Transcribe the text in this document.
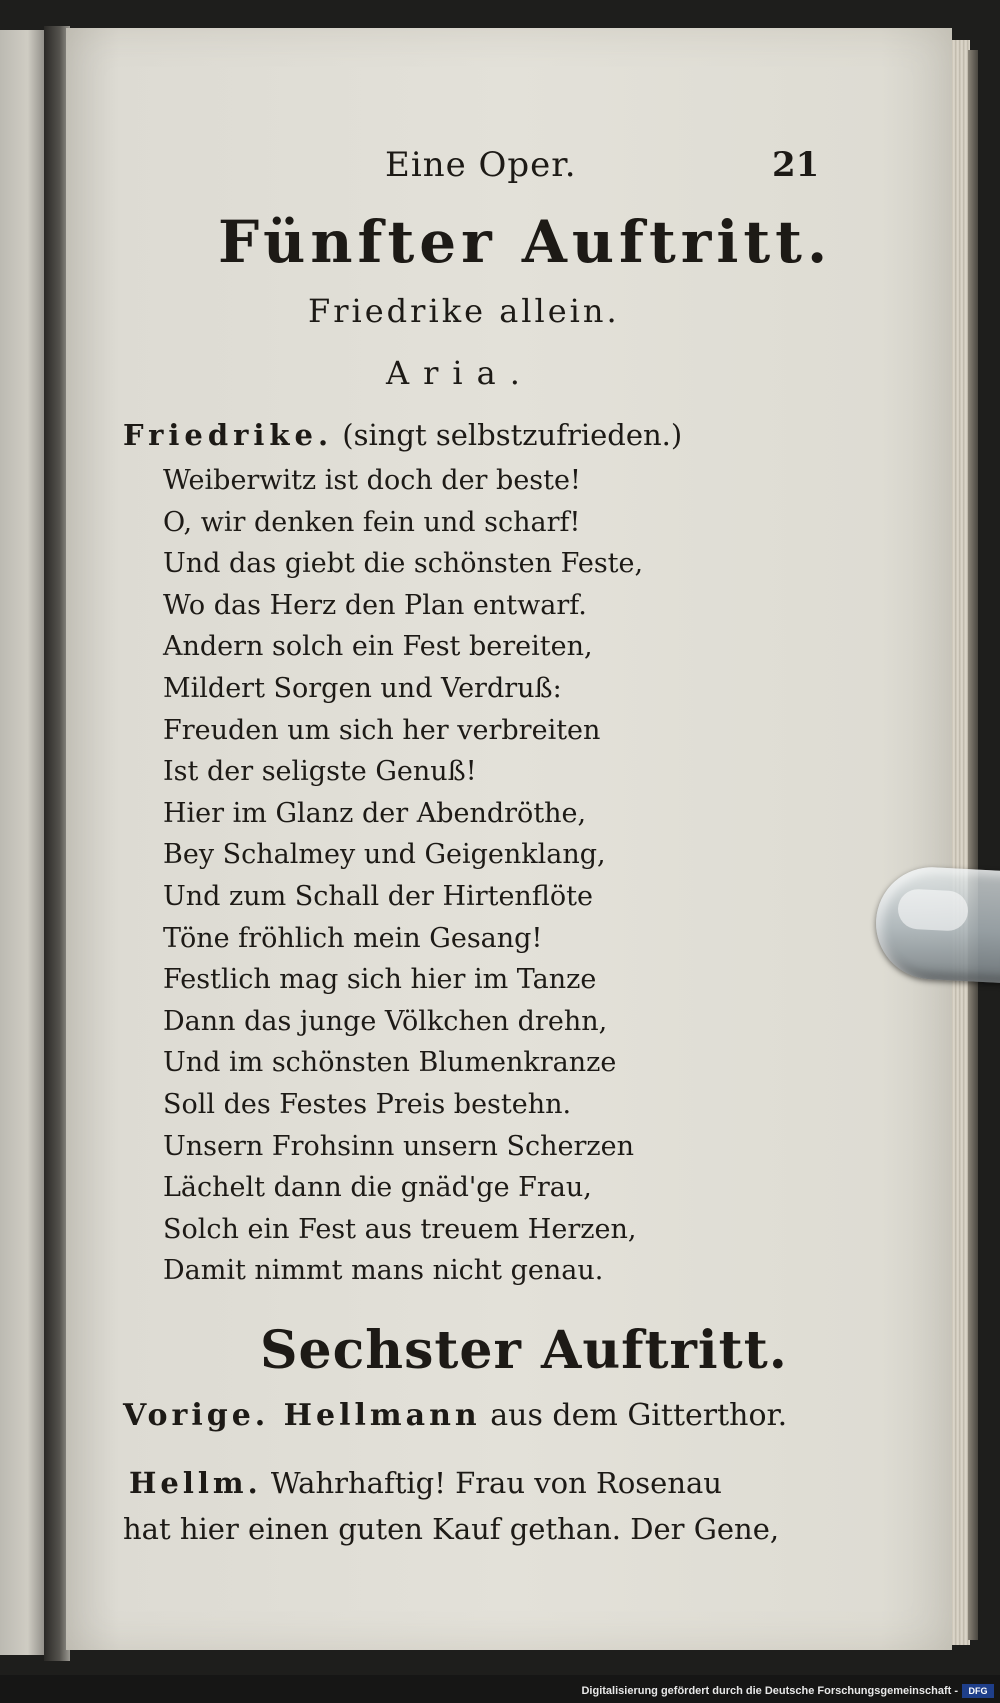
Eine Oper.	21
Fünfter Auftritt.
Friedrike allein.
Aria.
Friedrike. (singt selbstzufrieden.)
Weiberwitz ist doch der beste!
O, wir denken fein und scharf!
Und das giebt die schönsten Feste,
Wo das Herz den Plan entwarf.
Andern solch ein Fest bereiten,
Mildert Sorgen und Verdruß:
Freuden um sich her verbreiten
Ist der seligste Genuß!
Hier im Glanz der Abendröthe,
Bey Schalmey und Geigenklang,
Und zum Schall der Hirtenflöte
Töne fröhlich mein Gesang!
Festlich mag sich hier im Tanze
Dann das junge Völkchen drehn,
Und im schönsten Blumenkranze
Soll des Festes Preis bestehn.
Unsern Frohsinn unsern Scherzen
Lächelt dann die gnäd'ge Frau,
Solch ein Fest aus treuem Herzen,
Damit nimmt mans nicht genau.
Sechster Auftritt.
Vorige. Hellmann aus dem Gitterthor.
Hellm. Wahrhaftig! Frau von Rosenau
hat hier einen guten Kauf gethan. Der Gene,
Digitalisierung gefördert durch die Deutsche Forschungsgemeinschaft -	DFG
